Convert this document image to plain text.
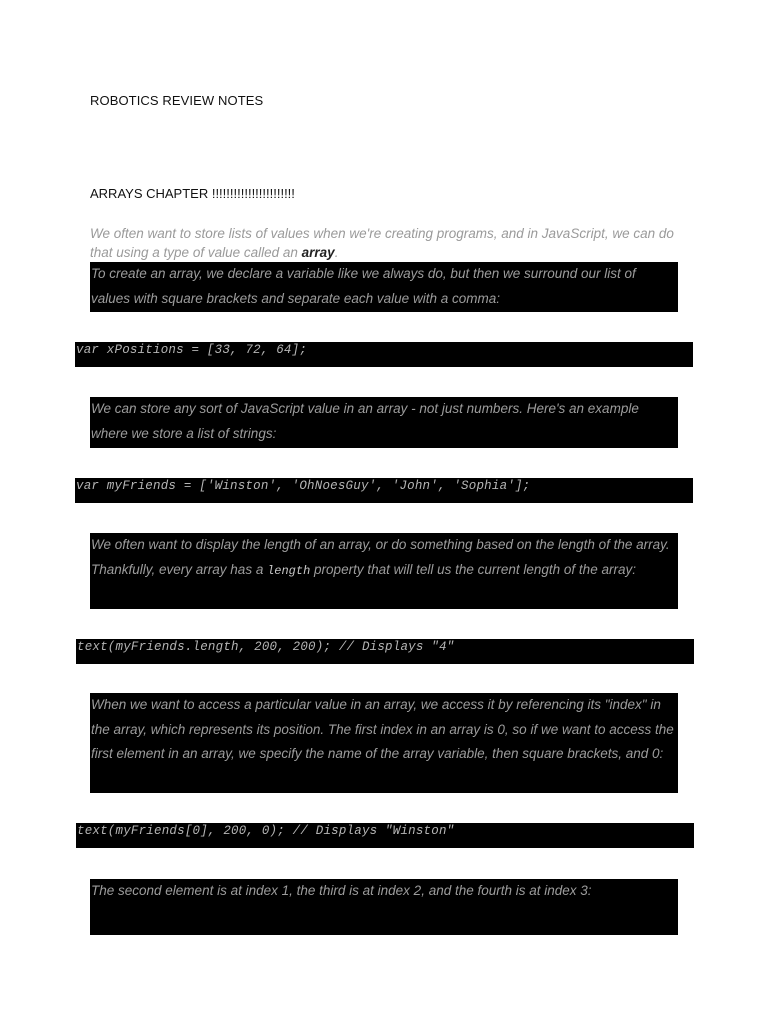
ROBOTICS REVIEW NOTES
ARRAYS CHAPTER !!!!!!!!!!!!!!!!!!!!!!!
We often want to store lists of values when we're creating programs, and in JavaScript, we can do that using a type of value called an array.
To create an array, we declare a variable like we always do, but then we surround our list of values with square brackets and separate each value with a comma:
var xPositions = [33, 72, 64];
We can store any sort of JavaScript value in an array - not just numbers. Here's an example where we store a list of strings:
var myFriends = ['Winston', 'OhNoesGuy', 'John', 'Sophia'];
We often want to display the length of an array, or do something based on the length of the array. Thankfully, every array has a length property that will tell us the current length of the array:
text(myFriends.length, 200, 200); // Displays "4"
When we want to access a particular value in an array, we access it by referencing its "index" in the array, which represents its position. The first index in an array is 0, so if we want to access the first element in an array, we specify the name of the array variable, then square brackets, and 0:
text(myFriends[0], 200, 0); // Displays "Winston"
The second element is at index 1, the third is at index 2, and the fourth is at index 3:
